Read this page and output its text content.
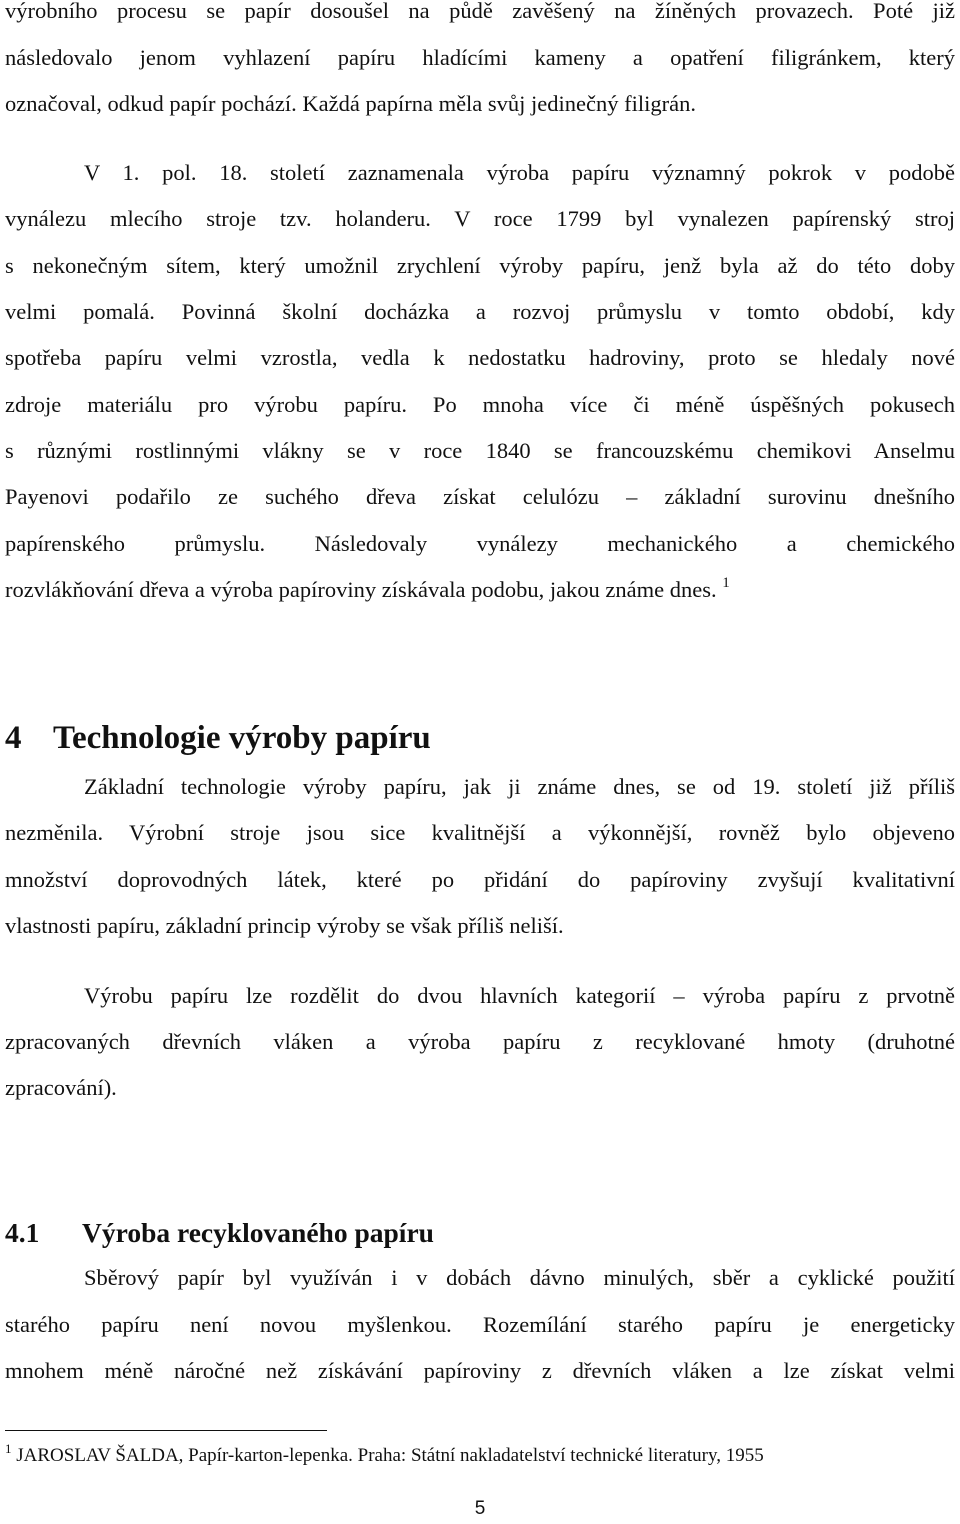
výrobního procesu se papír dosoušel na půdě zavěšený na žíněných provazech. Poté již
následovalo jenom vyhlazení papíru hladícími kameny a opatření filigránkem, který
označoval, odkud papír pochází. Každá papírna měla svůj jedinečný filigrán.
V 1. pol. 18. století zaznamenala výroba papíru významný pokrok v podobě
vynálezu mlecího stroje tzv. holanderu. V roce 1799 byl vynalezen papírenský stroj
s nekonečným sítem, který umožnil zrychlení výroby papíru, jenž byla až do této doby
velmi pomalá. Povinná školní docházka a rozvoj průmyslu v tomto období, kdy
spotřeba papíru velmi vzrostla, vedla k nedostatku hadroviny, proto se hledaly nové
zdroje materiálu pro výrobu papíru. Po mnoha více či méně úspěšných pokusech
s různými rostlinnými vlákny se v roce 1840 se francouzskému chemikovi Anselmu
Payenovi podařilo ze suchého dřeva získat celulózu – základní surovinu dnešního
papírenského průmyslu. Následovaly vynálezy mechanického a chemického
rozvlákňování dřeva a výroba papíroviny získávala podobu, jakou známe dnes. $^1$
4 Technologie výroby papíru
Základní technologie výroby papíru, jak ji známe dnes, se od 19. století již příliš
nezměnila. Výrobní stroje jsou sice kvalitnější a výkonnější, rovněž bylo objeveno
množství doprovodných látek, které po přidání do papíroviny zvyšují kvalitativní
vlastnosti papíru, základní princip výroby se však příliš neliší.
Výrobu papíru lze rozdělit do dvou hlavních kategorií – výroba papíru z prvotně
zpracovaných dřevních vláken a výroba papíru z recyklované hmoty (druhotné
zpracování).
4.1 Výroba recyklovaného papíru
Sběrový papír byl využíván i v dobách dávno minulých, sběr a cyklické použití
starého papíru není novou myšlenkou. Rozemílání starého papíru je energeticky
mnohem méně náročné než získávání papíroviny z dřevních vláken a lze získat velmi
$^1$ JAROSLAV ŠALDA, Papír-karton-lepenka. Praha: Státní nakladatelství technické literatury, 1955
5
